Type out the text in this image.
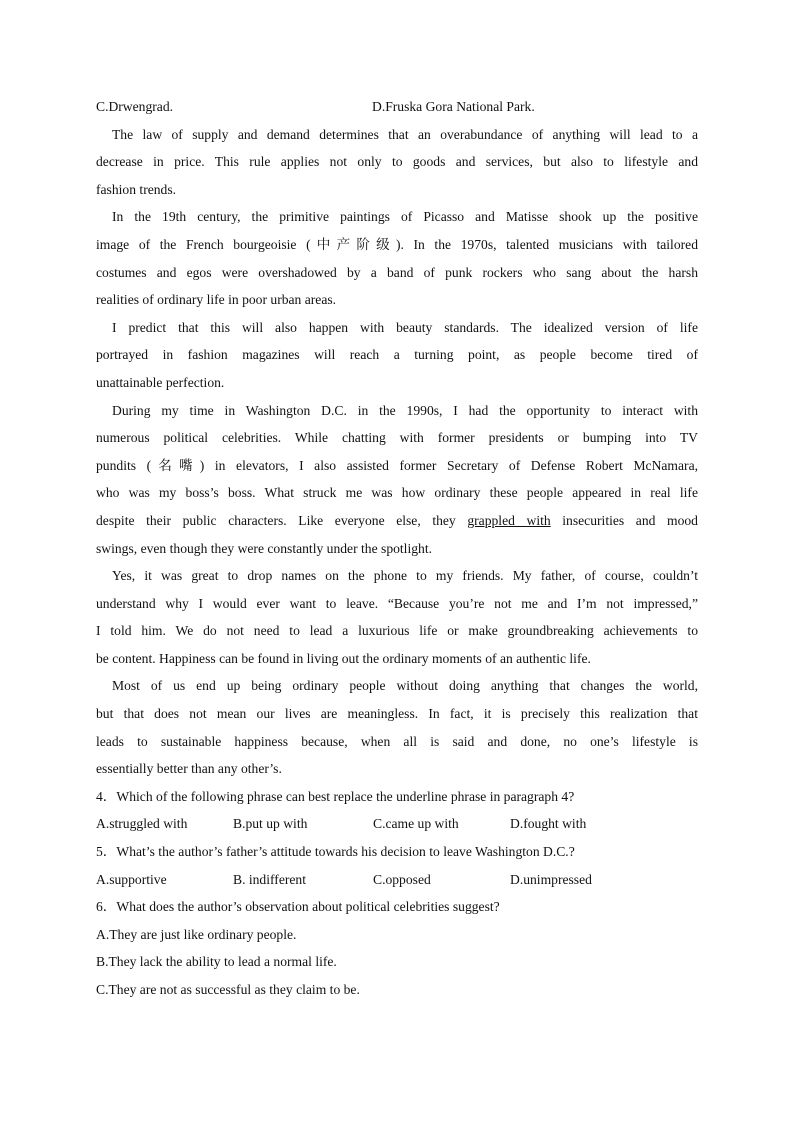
C.Drwengrad.	D.Fruska Gora National Park.
The law of supply and demand determines that an overabundance of anything will lead to a
decrease in price. This rule applies not only to goods and services, but also to lifestyle and
fashion trends.
In the 19th century, the primitive paintings of Picasso and Matisse shook up the positive
image of the French bourgeoisie (中产阶级). In the 1970s, talented musicians with tailored
costumes and egos were overshadowed by a band of punk rockers who sang about the harsh
realities of ordinary life in poor urban areas.
I predict that this will also happen with beauty standards. The idealized version of life
portrayed in fashion magazines will reach a turning point, as people become tired of
unattainable perfection.
During my time in Washington D.C. in the 1990s, I had the opportunity to interact with
numerous political celebrities. While chatting with former presidents or bumping into TV
pundits (名嘴) in elevators, I also assisted former Secretary of Defense Robert McNamara,
who was my boss’s boss. What struck me was how ordinary these people appeared in real life
despite their public characters. Like everyone else, they grappled with insecurities and mood
swings, even though they were constantly under the spotlight.
Yes, it was great to drop names on the phone to my friends. My father, of course, couldn’t
understand why I would ever want to leave. “Because you’re not me and I’m not impressed,”
I told him. We do not need to lead a luxurious life or make groundbreaking achievements to
be content. Happiness can be found in living out the ordinary moments of an authentic life.
Most of us end up being ordinary people without doing anything that changes the world,
but that does not mean our lives are meaningless. In fact, it is precisely this realization that
leads to sustainable happiness because, when all is said and done, no one’s lifestyle is
essentially better than any other’s.
4．Which of the following phrase can best replace the underline phrase in paragraph 4?
A.struggled with	B.put up with	C.came up with	D.fought with
5．What’s the author’s father’s attitude towards his decision to leave Washington D.C.?
A.supportive	B. indifferent	C.opposed	D.unimpressed
6．What does the author’s observation about political celebrities suggest?
A.They are just like ordinary people.
B.They lack the ability to lead a normal life.
C.They are not as successful as they claim to be.
